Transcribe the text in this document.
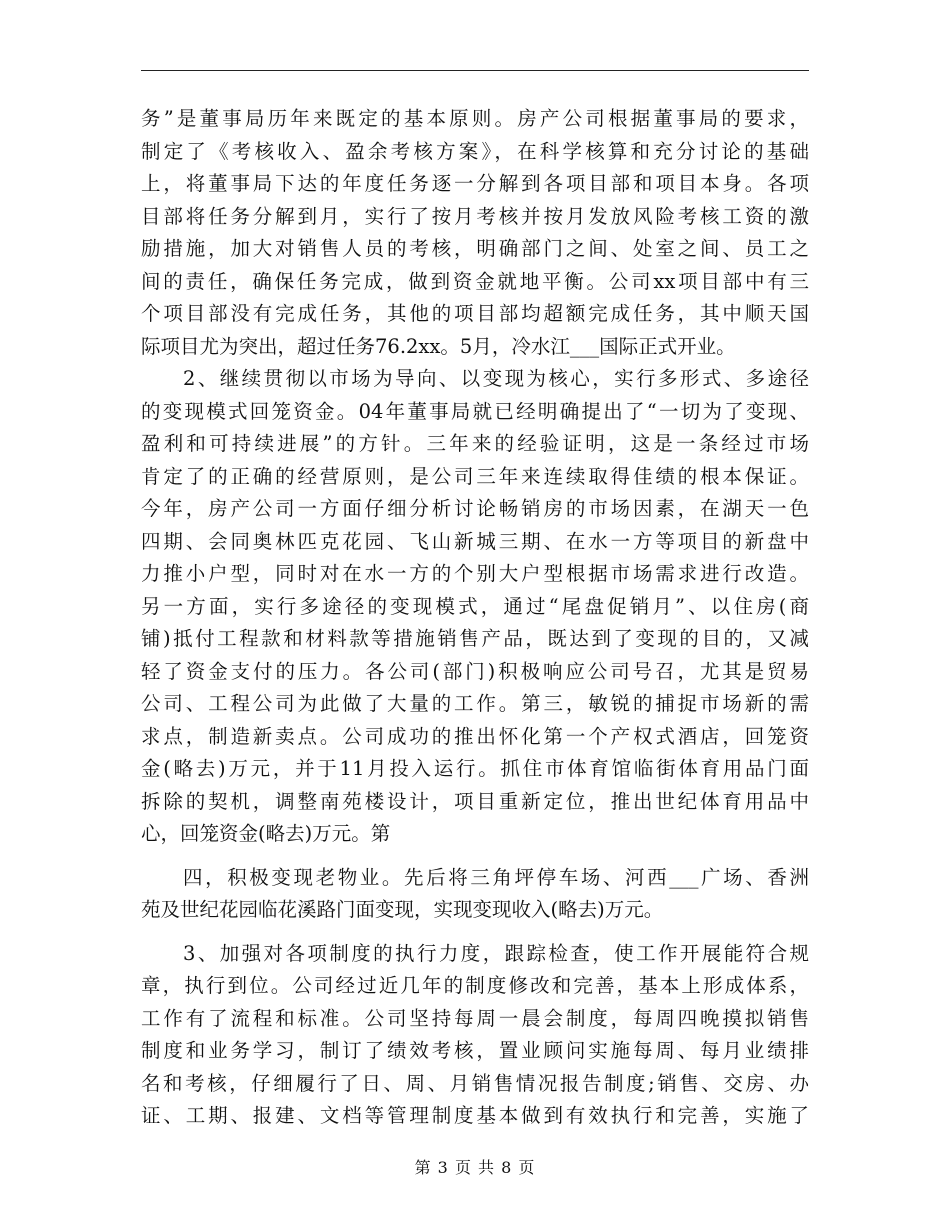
务”是董事局历年来既定的基本原则。房产公司根据董事局的要求，
制定了《考核收入、盈余考核方案》，在科学核算和充分讨论的基础
上，将董事局下达的年度任务逐一分解到各项目部和项目本身。各项
目部将任务分解到月，实行了按月考核并按月发放风险考核工资的激
励措施，加大对销售人员的考核，明确部门之间、处室之间、员工之
间的责任，确保任务完成，做到资金就地平衡。公司xx项目部中有三
个项目部没有完成任务，其他的项目部均超额完成任务，其中顺天国
际项目尤为突出，超过任务76.2xx。5月，冷水江___国际正式开业。
2、继续贯彻以市场为导向、以变现为核心，实行多形式、多途径
的变现模式回笼资金。04年董事局就已经明确提出了“一切为了变现、
盈利和可持续进展”的方针。三年来的经验证明，这是一条经过市场
肯定了的正确的经营原则，是公司三年来连续取得佳绩的根本保证。
今年，房产公司一方面仔细分析讨论畅销房的市场因素，在湖天一色
四期、会同奥林匹克花园、飞山新城三期、在水一方等项目的新盘中
力推小户型，同时对在水一方的个别大户型根据市场需求进行改造。
另一方面，实行多途径的变现模式，通过“尾盘促销月”、以住房(商
铺)抵付工程款和材料款等措施销售产品，既达到了变现的目的，又减
轻了资金支付的压力。各公司(部门)积极响应公司号召，尤其是贸易
公司、工程公司为此做了大量的工作。第三，敏锐的捕捉市场新的需
求点，制造新卖点。公司成功的推出怀化第一个产权式酒店，回笼资
金(略去)万元，并于11月投入运行。抓住市体育馆临街体育用品门面
拆除的契机，调整南苑楼设计，项目重新定位，推出世纪体育用品中
心，回笼资金(略去)万元。第
四，积极变现老物业。先后将三角坪停车场、河西___广场、香洲
苑及世纪花园临花溪路门面变现，实现变现收入(略去)万元。
3、加强对各项制度的执行力度，跟踪检查，使工作开展能符合规
章，执行到位。公司经过近几年的制度修改和完善，基本上形成体系，
工作有了流程和标准。公司坚持每周一晨会制度，每周四晚摸拟销售
制度和业务学习，制订了绩效考核，置业顾问实施每周、每月业绩排
名和考核，仔细履行了日、周、月销售情况报告制度;销售、交房、办
证、工期、报建、文档等管理制度基本做到有效执行和完善，实施了
第 3 页 共 8 页
